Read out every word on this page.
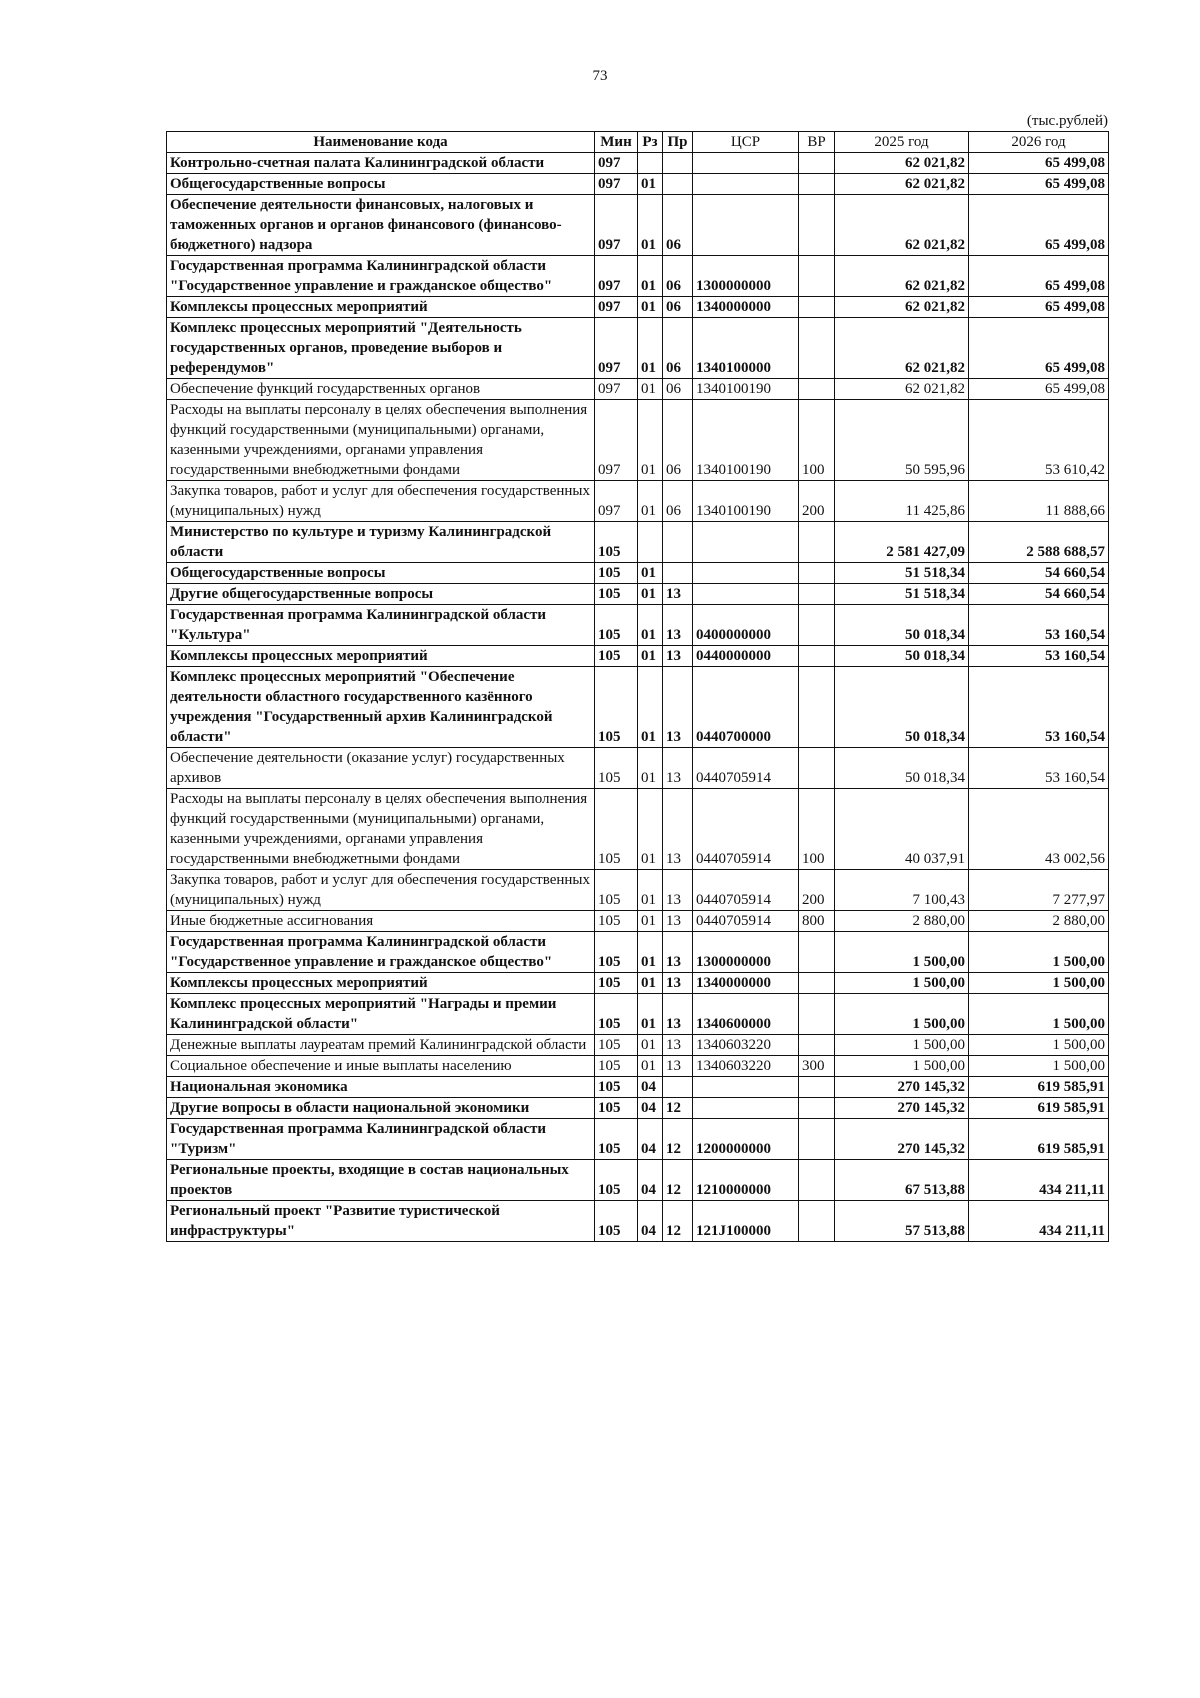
73
(тыс.рублей)
Наименование кода	Мин	Рз	Пр	ЦСР	ВР	2025 год	2026 год
Контрольно-счетная палата Калининградской области	097					62 021,82	65 499,08
Общегосударственные вопросы	097	01				62 021,82	65 499,08
Обеспечение деятельности финансовых, налоговых и таможенных органов и органов финансового (финансово-бюджетного) надзора	097	01	06			62 021,82	65 499,08
Государственная программа Калининградской области "Государственное управление и гражданское общество"	097	01	06	1300000000		62 021,82	65 499,08
Комплексы процессных мероприятий	097	01	06	1340000000		62 021,82	65 499,08
Комплекс процессных мероприятий "Деятельность государственных органов, проведение выборов и референдумов"	097	01	06	1340100000		62 021,82	65 499,08
Обеспечение функций государственных органов	097	01	06	1340100190		62 021,82	65 499,08
Расходы на выплаты персоналу в целях обеспечения выполнения функций государственными (муниципальными) органами, казенными учреждениями, органами управления государственными внебюджетными фондами	097	01	06	1340100190	100	50 595,96	53 610,42
Закупка товаров, работ и услуг для обеспечения государственных (муниципальных) нужд	097	01	06	1340100190	200	11 425,86	11 888,66
Министерство по культуре и туризму Калининградской области	105					2 581 427,09	2 588 688,57
Общегосударственные вопросы	105	01				51 518,34	54 660,54
Другие общегосударственные вопросы	105	01	13			51 518,34	54 660,54
Государственная программа Калининградской области "Культура"	105	01	13	0400000000		50 018,34	53 160,54
Комплексы процессных мероприятий	105	01	13	0440000000		50 018,34	53 160,54
Комплекс процессных мероприятий "Обеспечение деятельности областного государственного казённого учреждения "Государственный архив Калининградской области"	105	01	13	0440700000		50 018,34	53 160,54
Обеспечение деятельности (оказание услуг) государственных архивов	105	01	13	0440705914		50 018,34	53 160,54
Расходы на выплаты персоналу в целях обеспечения выполнения функций государственными (муниципальными) органами, казенными учреждениями, органами управления государственными внебюджетными фондами	105	01	13	0440705914	100	40 037,91	43 002,56
Закупка товаров, работ и услуг для обеспечения государственных (муниципальных) нужд	105	01	13	0440705914	200	7 100,43	7 277,97
Иные бюджетные ассигнования	105	01	13	0440705914	800	2 880,00	2 880,00
Государственная программа Калининградской области "Государственное управление и гражданское общество"	105	01	13	1300000000		1 500,00	1 500,00
Комплексы процессных мероприятий	105	01	13	1340000000		1 500,00	1 500,00
Комплекс процессных мероприятий "Награды и премии Калининградской области"	105	01	13	1340600000		1 500,00	1 500,00
Денежные выплаты лауреатам премий Калининградской области	105	01	13	1340603220		1 500,00	1 500,00
Социальное обеспечение и иные выплаты населению	105	01	13	1340603220	300	1 500,00	1 500,00
Национальная экономика	105	04				270 145,32	619 585,91
Другие вопросы в области национальной экономики	105	04	12			270 145,32	619 585,91
Государственная программа Калининградской области "Туризм"	105	04	12	1200000000		270 145,32	619 585,91
Региональные проекты, входящие в состав национальных проектов	105	04	12	1210000000		67 513,88	434 211,11
Региональный проект "Развитие туристической инфраструктуры"	105	04	12	121J100000		57 513,88	434 211,11
